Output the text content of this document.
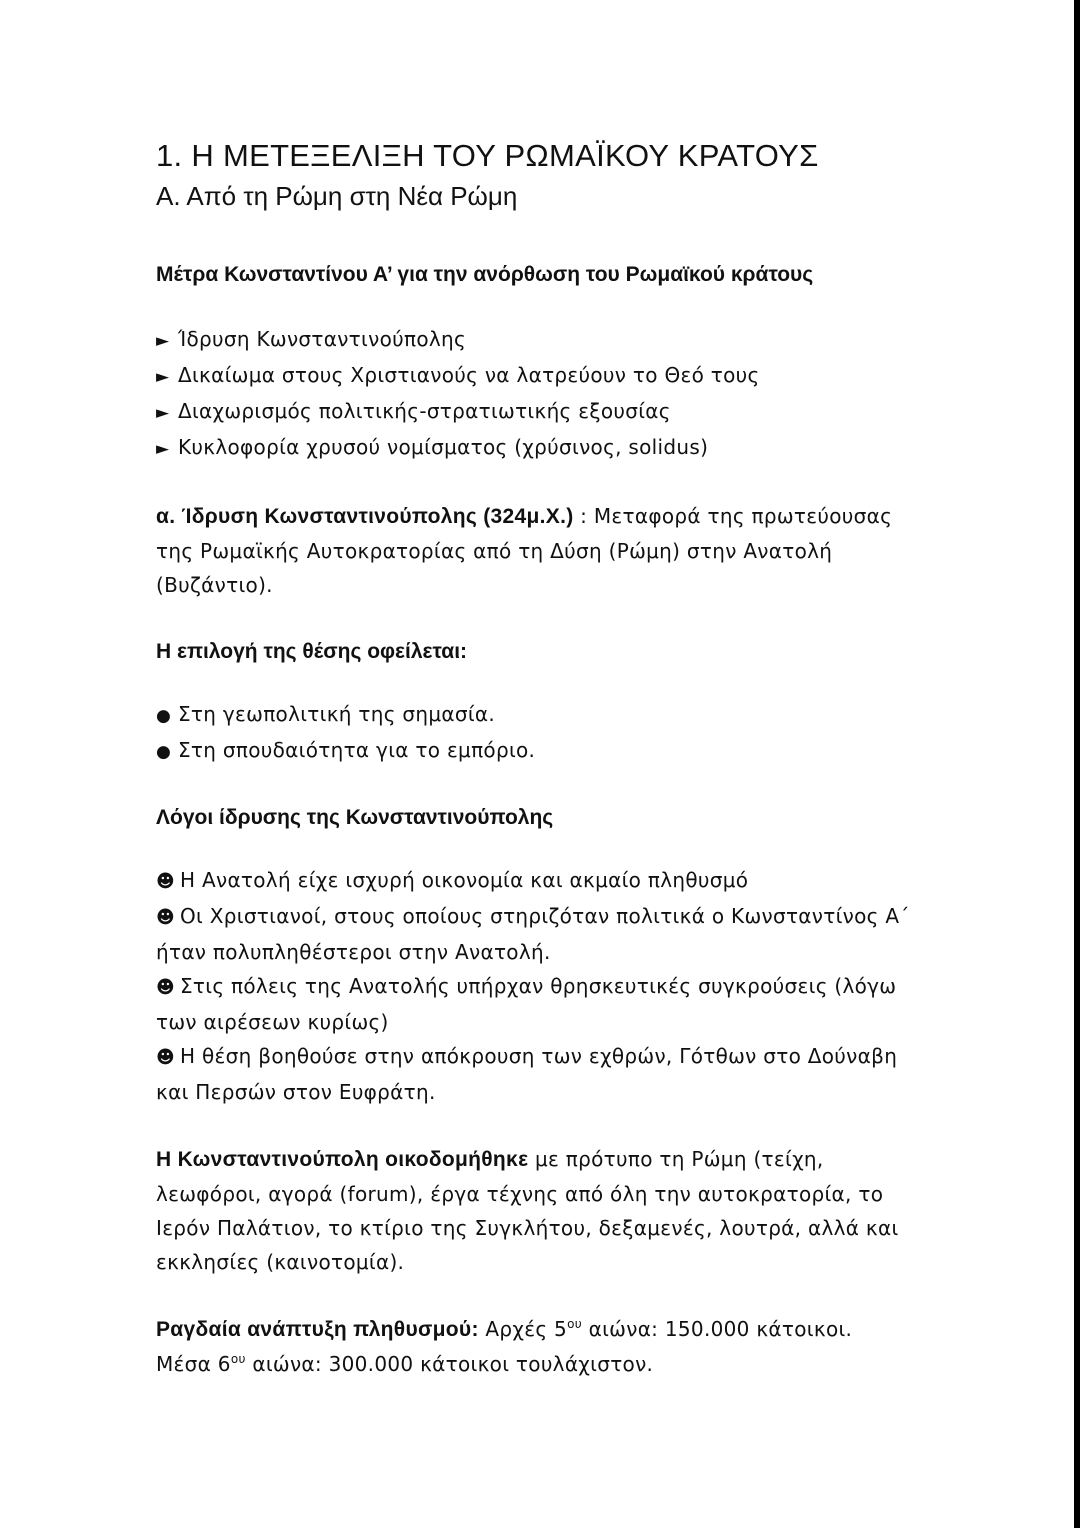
1. Η ΜΕΤΕΞΕΛΙΞΗ ΤΟΥ ΡΩΜΑΪΚΟΥ ΚΡΑΤΟΥΣ
Α. Από τη Ρώμη στη Νέα Ρώμη
Μέτρα Κωνσταντίνου Α’ για την ανόρθωση του Ρωμαϊκού κράτους
► Ίδρυση Κωνσταντινούπολης
► Δικαίωμα στους Χριστιανούς να λατρεύουν το Θεό τους
► Διαχωρισμός πολιτικής-στρατιωτικής εξουσίας
► Κυκλοφορία χρυσού νομίσματος (χρύσινος, solidus)

α. Ίδρυση Κωνσταντινούπολης (324μ.Χ.) : Μεταφορά της πρωτεύουσας της Ρωμαϊκής Αυτοκρατορίας από τη Δύση (Ρώμη) στην Ανατολή (Βυζάντιο).

Η επιλογή της θέσης οφείλεται:
● Στη γεωπολιτική της σημασία.
● Στη σπουδαιότητα για το εμπόριο.
Λόγοι ίδρυσης της Κωνσταντινούπολης
☻ Η Ανατολή είχε ισχυρή οικονομία και ακμαίο πληθυσμό
☻ Οι Χριστιανοί, στους οποίους στηριζόταν πολιτικά ο Κωνσταντίνος Α΄ ήταν πολυπληθέστεροι στην Ανατολή.
☻ Στις πόλεις της Ανατολής υπήρχαν θρησκευτικές συγκρούσεις (λόγω των αιρέσεων κυρίως)
☻ Η θέση βοηθούσε στην απόκρουση των εχθρών, Γότθων στο Δούναβη και Περσών στον Ευφράτη.

Η Κωνσταντινούπολη οικοδομήθηκε με πρότυπο τη Ρώμη (τείχη, λεωφόροι, αγορά (forum), έργα τέχνης από όλη την αυτοκρατορία, το Ιερόν Παλάτιον, το κτίριο της Συγκλήτου, δεξαμενές, λουτρά, αλλά και εκκλησίες (καινοτομία).

Ραγδαία ανάπτυξη πληθυσμού: Αρχές $5^{o\upsilon}$ αιώνα: 150.000 κάτοικοι.
Μέσα $6^{o\upsilon}$ αιώνα: 300.000 κάτοικοι τουλάχιστον.
